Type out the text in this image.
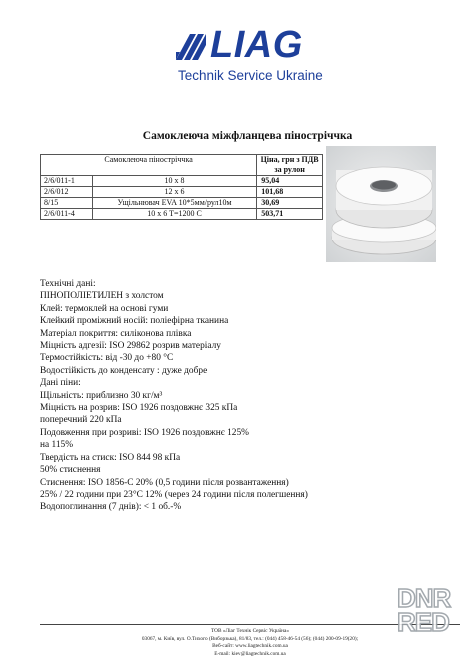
LIAG
Technik Service Ukraine
Самоклеюча міжфланцева піностріччка
Самоклеюча піностріччка		Ціна, грн з ПДВ за рулон
2/6/011-1	10 x 8	95,04
2/6/012	12 x 6	101,68
8/15	Ущільнювач EVA 10*5мм/рул10м	30,69
2/6/011-4	10 x 6 T=1200 C	503,71
Технічні дані:
ПІНОПОЛІЕТИЛЕН з холстом
Клей: термоклей на основі гуми
Клейкий проміжний носій: поліефірна тканина
Матеріал покриття: силіконова плівка
Міцність адгезії: ISO 29862 розрив матеріалу
Термостійкість: від -30 до +80 °С
Водостійкість до конденсату : дуже добре
Дані піни:
Щільність: приблизно 30 кг/м³
Міцність на розрив: ISO 1926 поздовжнє 325 кПа
поперечний 220 кПа
Подовження при розриві: ISO 1926 поздовжнє 125%
на 115%
Твердість на стиск: ISO 844 98 кПа
50% стиснення
Стиснення: ISO 1856-С 20% (0,5 години після розвантаження)
25% / 22 години при 23°C 12% (через 24 години після полегшення)
Водопоглинання (7 днів): < 1 об.-%
ТОВ «Ліаг Технік Сервіс Україна»
03067, м. Київ, вул. О.Тихого (Виборзька), 81/83, тел.: (044) 458-46-54 (56); (044) 200-09-19(20);
Веб-сайт: www.liagtechnik.com.ua
E-mail: kiev@liagtechnik.com.ua
DNR
RED
